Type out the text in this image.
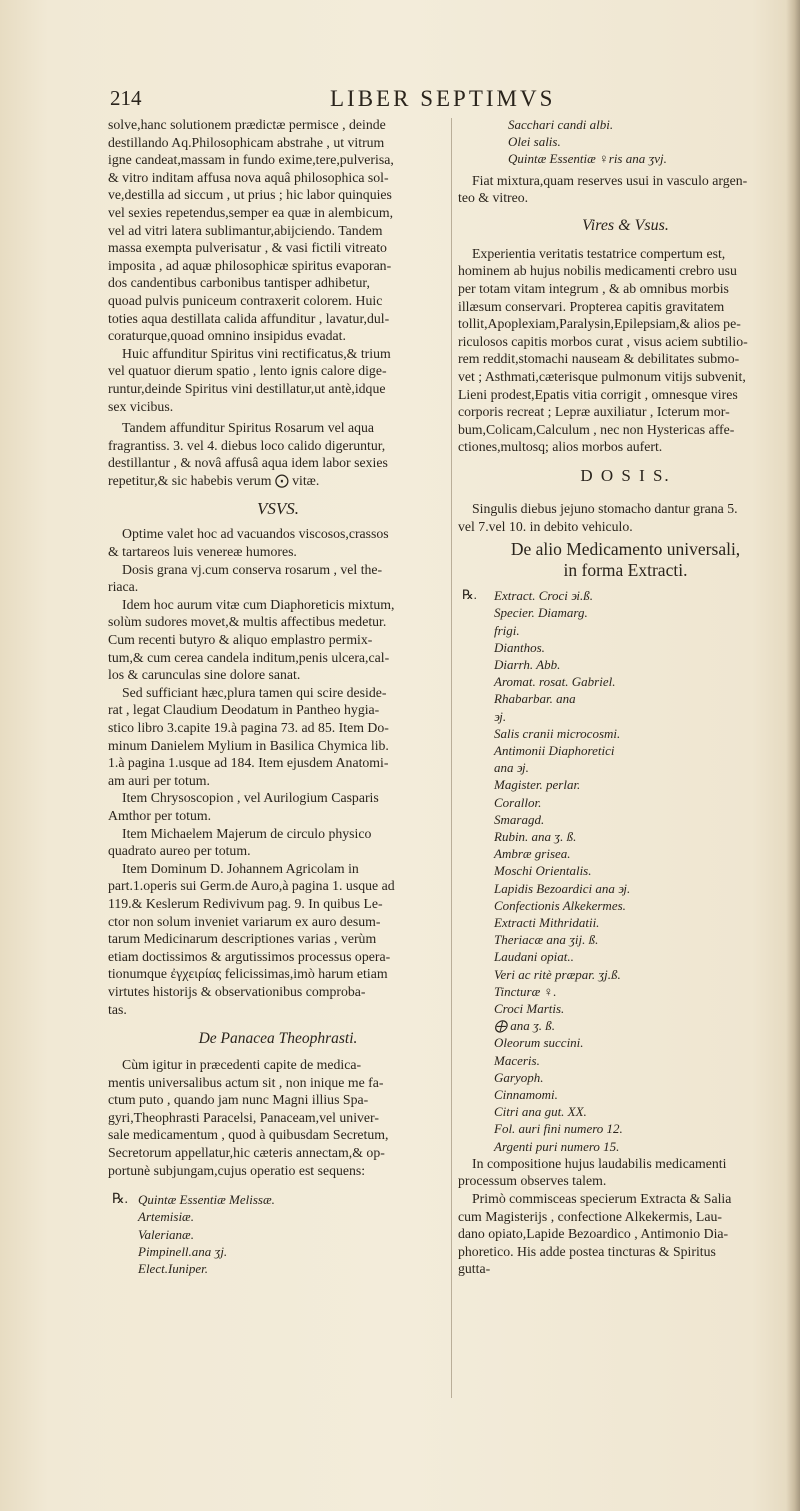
214	LIBER SEPTIMVS
solve,hanc solutionem prædictæ permisce , deinde
destillando Aq.Philosophicam abstrahe , ut vitrum
igne candeat,massam in fundo exime,tere,pulverisa,
& vitro inditam affusa nova aquâ philosophica sol-
ve,destilla ad siccum , ut prius ; hic labor quinquies
vel sexies repetendus,semper ea quæ in alembicum,
vel ad vitri latera sublimantur,abijciendo. Tandem
massa exempta pulverisatur , & vasi fictili vitreato
imposita , ad aquæ philosophicæ spiritus evaporan-
dos candentibus carbonibus tantisper adhibetur,
quoad pulvis puniceum contraxerit colorem. Huic
toties aqua destillata calida affunditur , lavatur,dul-
coraturque,quoad omnino insipidus evadat.
Huic affunditur Spiritus vini rectificatus,& trium
vel quatuor dierum spatio , lento ignis calore dige-
runtur,deinde Spiritus vini destillatur,ut antè,idque
sex vicibus.
Tandem affunditur Spiritus Rosarum vel aqua
fragrantiss. 3. vel 4. diebus loco calido digeruntur,
destillantur , & novâ affusâ aqua idem labor sexies
repetitur,& sic habebis verum ⨀ vitæ.

VSVS.

Optime valet hoc ad vacuandos viscosos,crassos
& tartareos luis venereæ humores.
Dosis grana vj.cum conserva rosarum , vel the-
riaca.
Idem hoc aurum vitæ cum Diaphoreticis mixtum,
solùm sudores movet,& multis affectibus medetur.
Cum recenti butyro & aliquo emplastro permix-
tum,& cum cerea candela inditum,penis ulcera,cal-
los & carunculas sine dolore sanat.
Sed sufficiant hæc,plura tamen qui scire deside-
rat , legat Claudium Deodatum in Pantheo hygia-
stico libro 3.capite 19.à pagina 73. ad 85. Item Do-
minum Danielem Mylium in Basilica Chymica lib.
1.à pagina 1.usque ad 184. Item ejusdem Anatomi-
am auri per totum.
Item Chrysoscopion , vel Aurilogium Casparis
Amthor per totum.
Item Michaelem Majerum de circulo physico
quadrato aureo per totum.
Item Dominum D. Johannem Agricolam in
part.1.operis sui Germ.de Auro,à pagina 1. usque ad
119.& Keslerum Redivivum pag. 9. In quibus Le-
ctor non solum inveniet variarum ex auro desum-
tarum Medicinarum descriptiones varias , verùm
etiam doctissimos & argutissimos processus opera-
tionumque ἐγχειρίας felicissimas,imò harum etiam
virtutes historijs & observationibus comproba-
tas.

De Panacea Theophrasti.

Cùm igitur in præcedenti capite de medica-
mentis universalibus actum sit , non inique me fa-
ctum puto , quando jam nunc Magni illius Spa-
gyri,Theophrasti Paracelsi, Panaceam,vel univer-
sale medicamentum , quod à quibusdam Secretum,
Secretorum appellatur,hic cæteris annectam,& op-
portunè subjungam,cujus operatio est sequens:
℞. Quintæ Essentiæ Melissæ.
Artemisiæ.
Valerianæ.
Pimpinell.ana ʒj.
Elect.Iuniper.
Sacchari candi albi.
Olei salis.
Quintæ Essentiæ ♀ris ana ʒvj.
Fiat mixtura,quam reserves usui in vasculo argen-
teo & vitreo.

Vires & Vsus.

Experientia veritatis testatrice compertum est,
hominem ab hujus nobilis medicamenti crebro usu
per totam vitam integrum , & ab omnibus morbis
illæsum conservari. Propterea capitis gravitatem
tollit,Apoplexiam,Paralysin,Epilepsiam,& alios pe-
riculosos capitis morbos curat , visus aciem subtilio-
rem reddit,stomachi nauseam & debilitates submo-
vet ; Asthmati,cæterisque pulmonum vitijs subvenit,
Lieni prodest,Epatis vitia corrigit , omnesque vires
corporis recreat ; Lepræ auxiliatur , Icterum mor-
bum,Colicam,Calculum , nec non Hystericas affe-
ctiones,multosq; alios morbos aufert.

D O S I S.

Singulis diebus jejuno stomacho dantur grana 5.
vel 7.vel 10. in debito vehiculo.

De alio Medicamento universali,

in forma Extracti.

℞. Extract. Croci ϶i.ß.
Specier. Diamarg.
frigi.
Dianthos.
Diarrh. Abb.
Aromat. rosat. Gabriel.
Rhabarbar. ana
϶j.
Salis cranii microcosmi.
Antimonii Diaphoretici
ana ϶j.
Magister. perlar.
Corallor.
Smaragd.
Rubin. ana ʒ. ß.
Ambræ grisea.
Moschi Orientalis.
Lapidis Bezoardici ana ϶j.
Confectionis Alkekermes.
Extracti Mithridatii.
Theriacæ ana ʒij. ß.
Laudani opiat..
Veri ac ritè præpar. ʒj.ß.
Tincturæ ♀.
Croci Martis.
⨁ ana ʒ. ß.
Oleorum succini.
Maceris.
Garyoph.
Cinnamomi.
Citri ana gut. XX.
Fol. auri fini numero 12.
Argenti puri numero 15.
In compositione hujus laudabilis medicamenti
processum observes talem.
Primò commisceas specierum Extracta & Salia
cum Magisterijs , confectione Alkekermis, Lau-
dano opiato,Lapide Bezoardico , Antimonio Dia-
phoretico. His adde postea tincturas & Spiritus
gutta-
